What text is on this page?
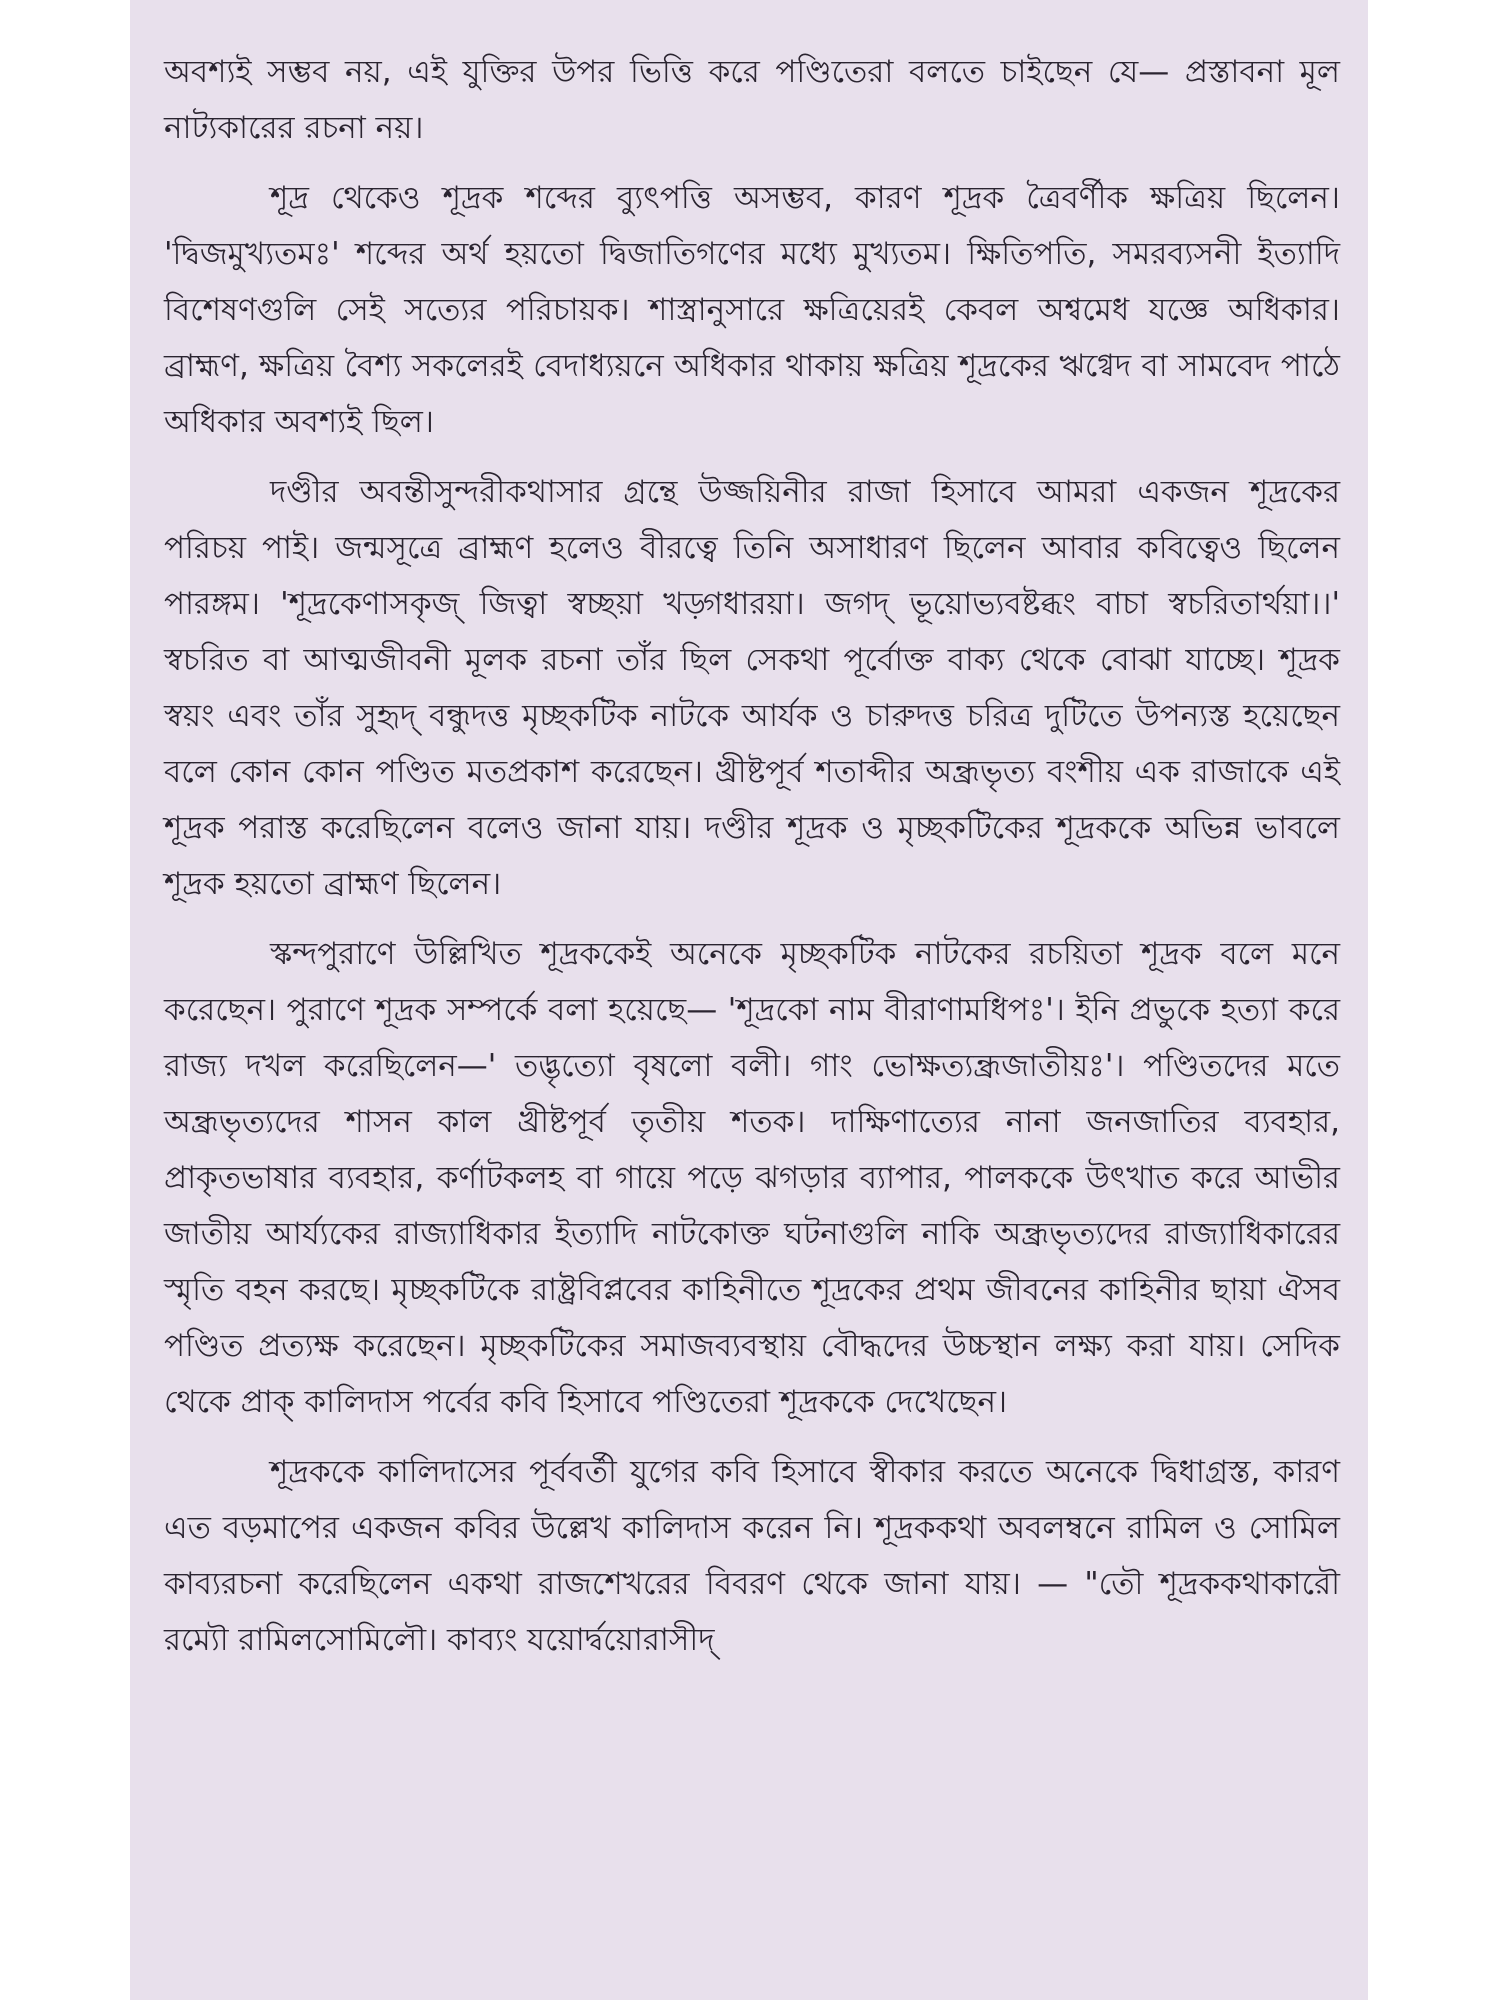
অবশ্যই সম্ভব নয়, এই যুক্তির উপর ভিত্তি করে পণ্ডিতেরা বলতে চাইছেন যে— প্রস্তাবনা মূল নাট্যকারের রচনা নয়।

শূদ্র থেকেও শূদ্রক শব্দের ব্যুৎপত্তি অসম্ভব, কারণ শূদ্রক ত্রৈবর্ণীক ক্ষত্রিয় ছিলেন। 'দ্বিজমুখ্যতমঃ' শব্দের অর্থ হয়তো দ্বিজাতিগণের মধ্যে মুখ্যতম। ক্ষিতিপতি, সমরব্যসনী ইত্যাদি বিশেষণগুলি সেই সত্যের পরিচায়ক। শাস্ত্রানুসারে ক্ষত্রিয়েরই কেবল অশ্বমেধ যজ্ঞে অধিকার। ব্রাহ্মণ, ক্ষত্রিয় বৈশ্য সকলেরই বেদাধ্যয়নে অধিকার থাকায় ক্ষত্রিয় শূদ্রকের ঋগ্বেদ বা সামবেদ পাঠে অধিকার অবশ্যই ছিল।

দণ্ডীর অবন্তীসুন্দরীকথাসার গ্রন্থে উজ্জয়িনীর রাজা হিসাবে আমরা একজন শূদ্রকের পরিচয় পাই। জন্মসূত্রে ব্রাহ্মণ হলেও বীরত্বে তিনি অসাধারণ ছিলেন আবার কবিত্বেও ছিলেন পারঙ্গম। 'শূদ্রকেণাসকৃজ্ জিত্বা স্বচ্ছয়া খড়্গধারয়া। জগদ্ ভূয়োভ্যবষ্টব্ধং বাচা স্বচরিতার্থয়া।।' স্বচরিত বা আত্মজীবনী মূলক রচনা তাঁর ছিল সেকথা পূর্বোক্ত বাক্য থেকে বোঝা যাচ্ছে। শূদ্রক স্বয়ং এবং তাঁর সুহৃদ্ বন্ধুদত্ত মৃচ্ছকটিক নাটকে আর্যক ও চারুদত্ত চরিত্র দুটিতে উপন্যস্ত হয়েছেন বলে কোন কোন পণ্ডিত মতপ্রকাশ করেছেন। খ্রীষ্টপূর্ব শতাব্দীর অন্ধ্রভৃত্য বংশীয় এক রাজাকে এই শূদ্রক পরাস্ত করেছিলেন বলেও জানা যায়। দণ্ডীর শূদ্রক ও মৃচ্ছকটিকের শূদ্রককে অভিন্ন ভাবলে শূদ্রক হয়তো ব্রাহ্মণ ছিলেন।

স্কন্দপুরাণে উল্লিখিত শূদ্রককেই অনেকে মৃচ্ছকটিক নাটকের রচয়িতা শূদ্রক বলে মনে করেছেন। পুরাণে শূদ্রক সম্পর্কে বলা হয়েছে— 'শূদ্রকো নাম বীরাণামধিপঃ'। ইনি প্রভুকে হত্যা করে রাজ্য দখল করেছিলেন—' তদ্ভৃত্যো বৃষলো বলী। গাং ভোক্ষত্যন্ধ্রজাতীয়ঃ'। পণ্ডিতদের মতে অন্ধ্রভৃত্যদের শাসন কাল খ্রীষ্টপূর্ব তৃতীয় শতক। দাক্ষিণাত্যের নানা জনজাতির ব্যবহার, প্রাকৃতভাষার ব্যবহার, কর্ণাটকলহ বা গায়ে পড়ে ঝগড়ার ব্যাপার, পালককে উৎখাত করে আভীর জাতীয় আর্য্যকের রাজ্যাধিকার ইত্যাদি নাটকোক্ত ঘটনাগুলি নাকি অন্ধ্রভৃত্যদের রাজ্যাধিকারের স্মৃতি বহন করছে। মৃচ্ছকটিকে রাষ্ট্রবিপ্লবের কাহিনীতে শূদ্রকের প্রথম জীবনের কাহিনীর ছায়া ঐসব পণ্ডিত প্রত্যক্ষ করেছেন। মৃচ্ছকটিকের সমাজব্যবস্থায় বৌদ্ধদের উচ্চস্থান লক্ষ্য করা যায়। সেদিক থেকে প্রাক্ কালিদাস পর্বের কবি হিসাবে পণ্ডিতেরা শূদ্রককে দেখেছেন।

শূদ্রককে কালিদাসের পূর্ববর্তী যুগের কবি হিসাবে স্বীকার করতে অনেকে দ্বিধাগ্রস্ত, কারণ এত বড়মাপের একজন কবির উল্লেখ কালিদাস করেন নি। শূদ্রককথা অবলম্বনে রামিল ও সোমিল কাব্যরচনা করেছিলেন একথা রাজশেখরের বিবরণ থেকে জানা যায়। — "তৌ শূদ্রককথাকারৌ রম্যৌ রামিলসোমিলৌ। কাব্যং যয়োর্দ্বয়োরাসীদ্
